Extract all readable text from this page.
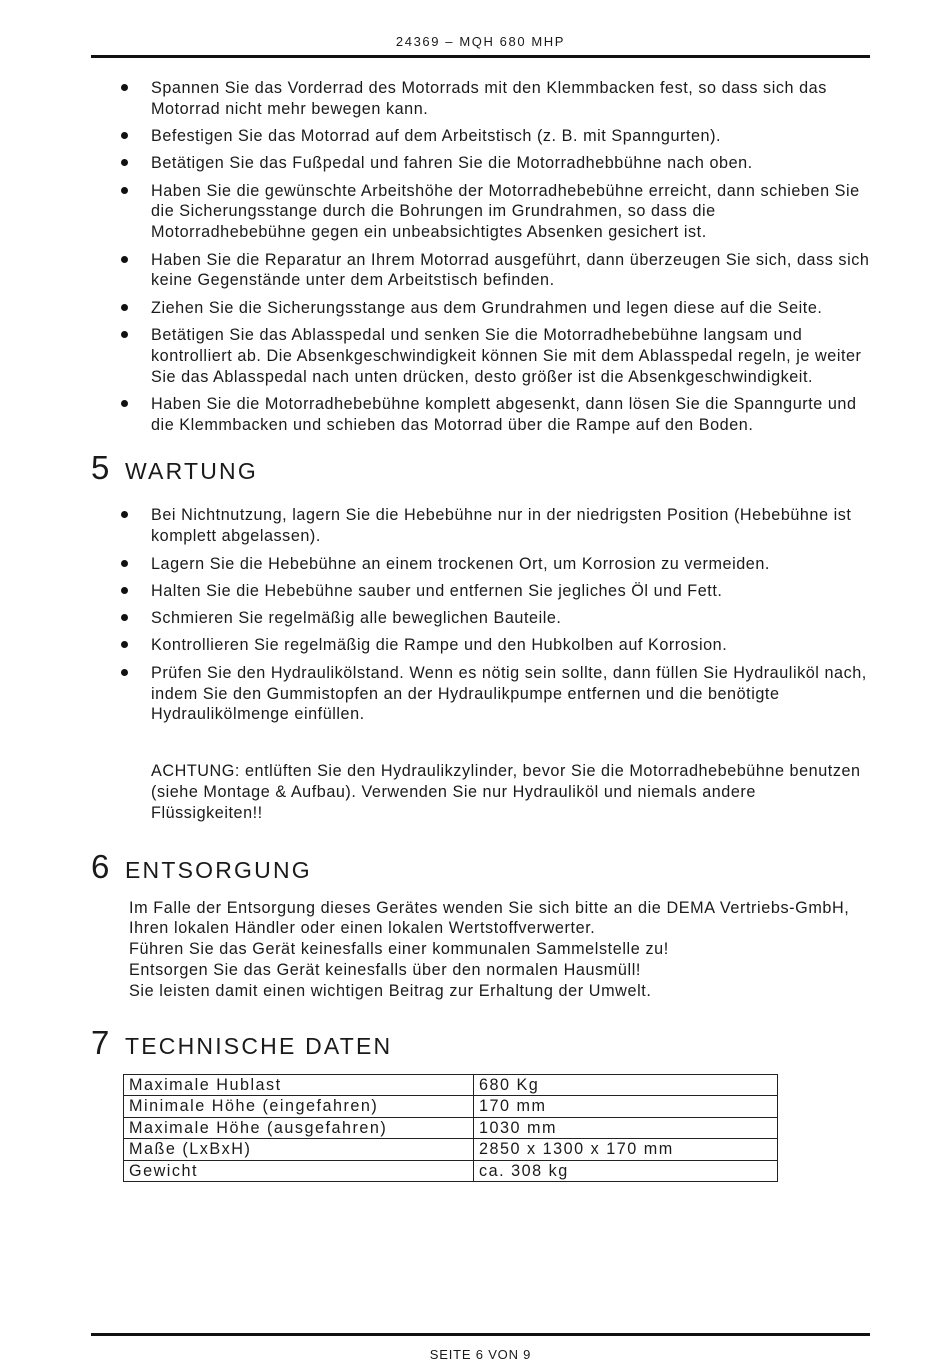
24369 – MQH 680 MHP
Spannen Sie das Vorderrad des Motorrads mit den Klemmbacken fest, so dass sich das Motorrad nicht mehr bewegen kann.
Befestigen Sie das Motorrad auf dem Arbeitstisch (z. B. mit Spanngurten).
Betätigen Sie das Fußpedal und fahren Sie die Motorradhebbühne nach oben.
Haben Sie die gewünschte Arbeitshöhe der Motorradhebebühne erreicht, dann schieben Sie die Sicherungsstange durch die Bohrungen im Grundrahmen, so dass die Motorradhebebühne gegen ein unbeabsichtigtes Absenken gesichert ist.
Haben Sie die Reparatur an Ihrem Motorrad ausgeführt, dann überzeugen Sie sich, dass sich keine Gegenstände unter dem Arbeitstisch befinden.
Ziehen Sie die Sicherungsstange aus dem Grundrahmen und legen diese auf die Seite.
Betätigen Sie das Ablasspedal und senken Sie die Motorradhebebühne langsam und kontrolliert ab. Die Absenkgeschwindigkeit können Sie mit dem Ablasspedal regeln, je weiter Sie das Ablasspedal nach unten drücken, desto größer ist die Absenkgeschwindigkeit.
Haben Sie die Motorradhebebühne komplett abgesenkt, dann lösen Sie die Spanngurte und die Klemmbacken und schieben das Motorrad über die Rampe auf den Boden.
5 WARTUNG
Bei Nichtnutzung, lagern Sie die Hebebühne nur in der niedrigsten Position (Hebebühne ist komplett abgelassen).
Lagern Sie die Hebebühne an einem trockenen Ort, um Korrosion zu vermeiden.
Halten Sie die Hebebühne sauber und entfernen Sie jegliches Öl und Fett.
Schmieren Sie regelmäßig alle beweglichen Bauteile.
Kontrollieren Sie regelmäßig die Rampe und den Hubkolben auf Korrosion.
Prüfen Sie den Hydraulikölstand. Wenn es nötig sein sollte, dann füllen Sie Hydrauliköl nach, indem Sie den Gummistopfen an der Hydraulikpumpe entfernen und die benötigte Hydraulikölmenge einfüllen.
ACHTUNG: entlüften Sie den Hydraulikzylinder, bevor Sie die Motorradhebebühne benutzen (siehe Montage & Aufbau). Verwenden Sie nur Hydrauliköl und niemals andere Flüssigkeiten!!
6 ENTSORGUNG
Im Falle der Entsorgung dieses Gerätes wenden Sie sich bitte an die DEMA Vertriebs-GmbH, Ihren lokalen Händler oder einen lokalen Wertstoffverwerter.
Führen Sie das Gerät keinesfalls einer kommunalen Sammelstelle zu!
Entsorgen Sie das Gerät keinesfalls über den normalen Hausmüll!
Sie leisten damit einen wichtigen Beitrag zur Erhaltung der Umwelt.
7 TECHNISCHE DATEN
Maximale Hublast	680 Kg
Minimale Höhe (eingefahren)	170 mm
Maximale Höhe (ausgefahren)	1030 mm
Maße (LxBxH)	2850 x 1300 x 170 mm
Gewicht	ca. 308 kg
SEITE 6 VON 9
